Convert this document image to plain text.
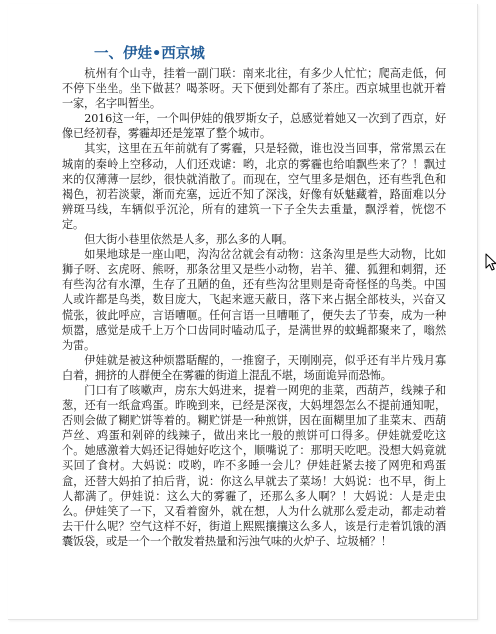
一、伊娃•西京城

杭州有个山寺，挂着一副门联：南来北往，有多少人忙忙；爬高走低，何不停下坐坐。坐下做甚？喝茶呀。天下便到处都有了茶庄。西京城里也就开着一家，名字叫暂坐。

2016这一年，一个叫伊娃的俄罗斯女子，总感觉着她又一次到了西京，好像已经初春，雾霾却还是笼罩了整个城市。

其实，这里在五年前就有了雾霾，只是轻微，谁也没当回事，常常黑云在城南的秦岭上空移动，人们还戏谑：哟，北京的雾霾也给咱飘些来了？！飘过来的仅薄薄一层纱，很快就消散了。而现在，空气里多是烟色，还有些乳色和褐色，初若淡蒙，渐而充塞，远近不知了深浅，好像有妖魅藏着，路面难以分辨斑马线，车辆似乎沉沦，所有的建筑一下子全失去重量，飘浮着，恍惚不定。

但大街小巷里依然是人多，那么多的人啊。

如果地球是一座山吧，沟沟岔岔就会有动物：这条沟里是些大动物，比如狮子呀、玄虎呀、熊呀，那条岔里又是些小动物，岩羊、獾、狐狸和刺猬，还有些沟岔有水潭，生存了丑陋的鱼，还有些沟岔里则是奇奇怪怪的鸟类。中国人或许都是鸟类，数目庞大，飞起来遮天蔽日，落下来占据全部枝头，兴奋又慌张，彼此呼应，言语嘈咂。任何言语一旦嘈咂了，便失去了节奏，成为一种烦嚣，感觉是成千上万个口齿同时嗑动瓜子，是满世界的蚊蝇都聚来了，嗡然为雷。

伊娃就是被这种烦嚣聒醒的，一推窗子，天刚刚亮，似乎还有半片残月寡白着，拥挤的人群便全在雾霾的街道上混乱不堪，场面诡异而恐怖。

门口有了咳嗽声，房东大妈进来，提着一网兜的韭菜，西葫芦，线辣子和葱，还有一纸盒鸡蛋。昨晚到来，已经是深夜，大妈埋怨怎么不提前通知呢，否则会做了糊贮饼等着的。糊贮饼是一种煎饼，因在面糊里加了韭菜末、西葫芦丝、鸡蛋和剁碎的线辣子，做出来比一般的煎饼可口得多。伊娃就爱吃这个。她感激着大妈还记得她好吃这个，顺嘴说了：那明天吃吧。没想大妈竟就买回了食材。大妈说：哎哟，咋不多睡一会儿？伊娃赶紧去接了网兜和鸡蛋盒，还替大妈拍了拍后背，说：你这么早就去了菜场！大妈说：也不早，街上人都满了。伊娃说：这么大的雾霾了，还那么多人啊？！大妈说：人是走虫么。伊娃笑了一下，又看着窗外，就在想，人为什么就那么爱走动，都走动着去干什么呢？空气这样不好，街道上熙熙攘攘这么多人，该是行走着饥饿的酒囊饭袋，或是一个一个散发着热量和污浊气味的火炉子、垃圾桶？！
